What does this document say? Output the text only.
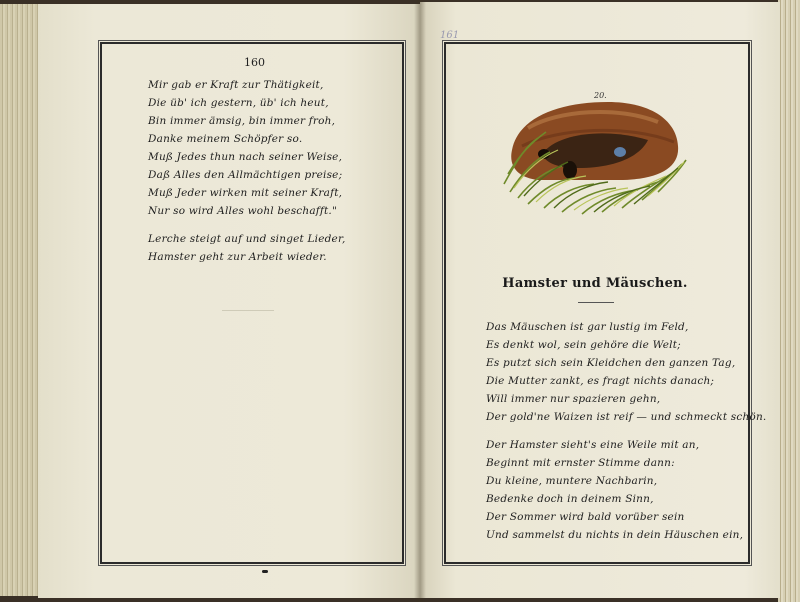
160
161
Mir gab er Kraft zur Thätigkeit,
Die üb' ich gestern, üb' ich heut,
Bin immer ämsig, bin immer froh,
Danke meinem Schöpfer so.
Muß Jedes thun nach seiner Weise,
Daß Alles den Allmächtigen preise;
Muß Jeder wirken mit seiner Kraft,
Nur so wird Alles wohl beschafft."
Lerche steigt auf und singet Lieder,
Hamster geht zur Arbeit wieder.
20.
Hamster und Mäuschen.
Das Mäuschen ist gar lustig im Feld,
Es denkt wol, sein gehöre die Welt;
Es putzt sich sein Kleidchen den ganzen Tag,
Die Mutter zankt, es fragt nichts danach;
Will immer nur spazieren gehn,
Der gold'ne Waizen ist reif — und schmeckt schön.
Der Hamster sieht's eine Weile mit an,
Beginnt mit ernster Stimme dann:
Du kleine, muntere Nachbarin,
Bedenke doch in deinem Sinn,
Der Sommer wird bald vorüber sein
Und sammelst du nichts in dein Häuschen ein,
